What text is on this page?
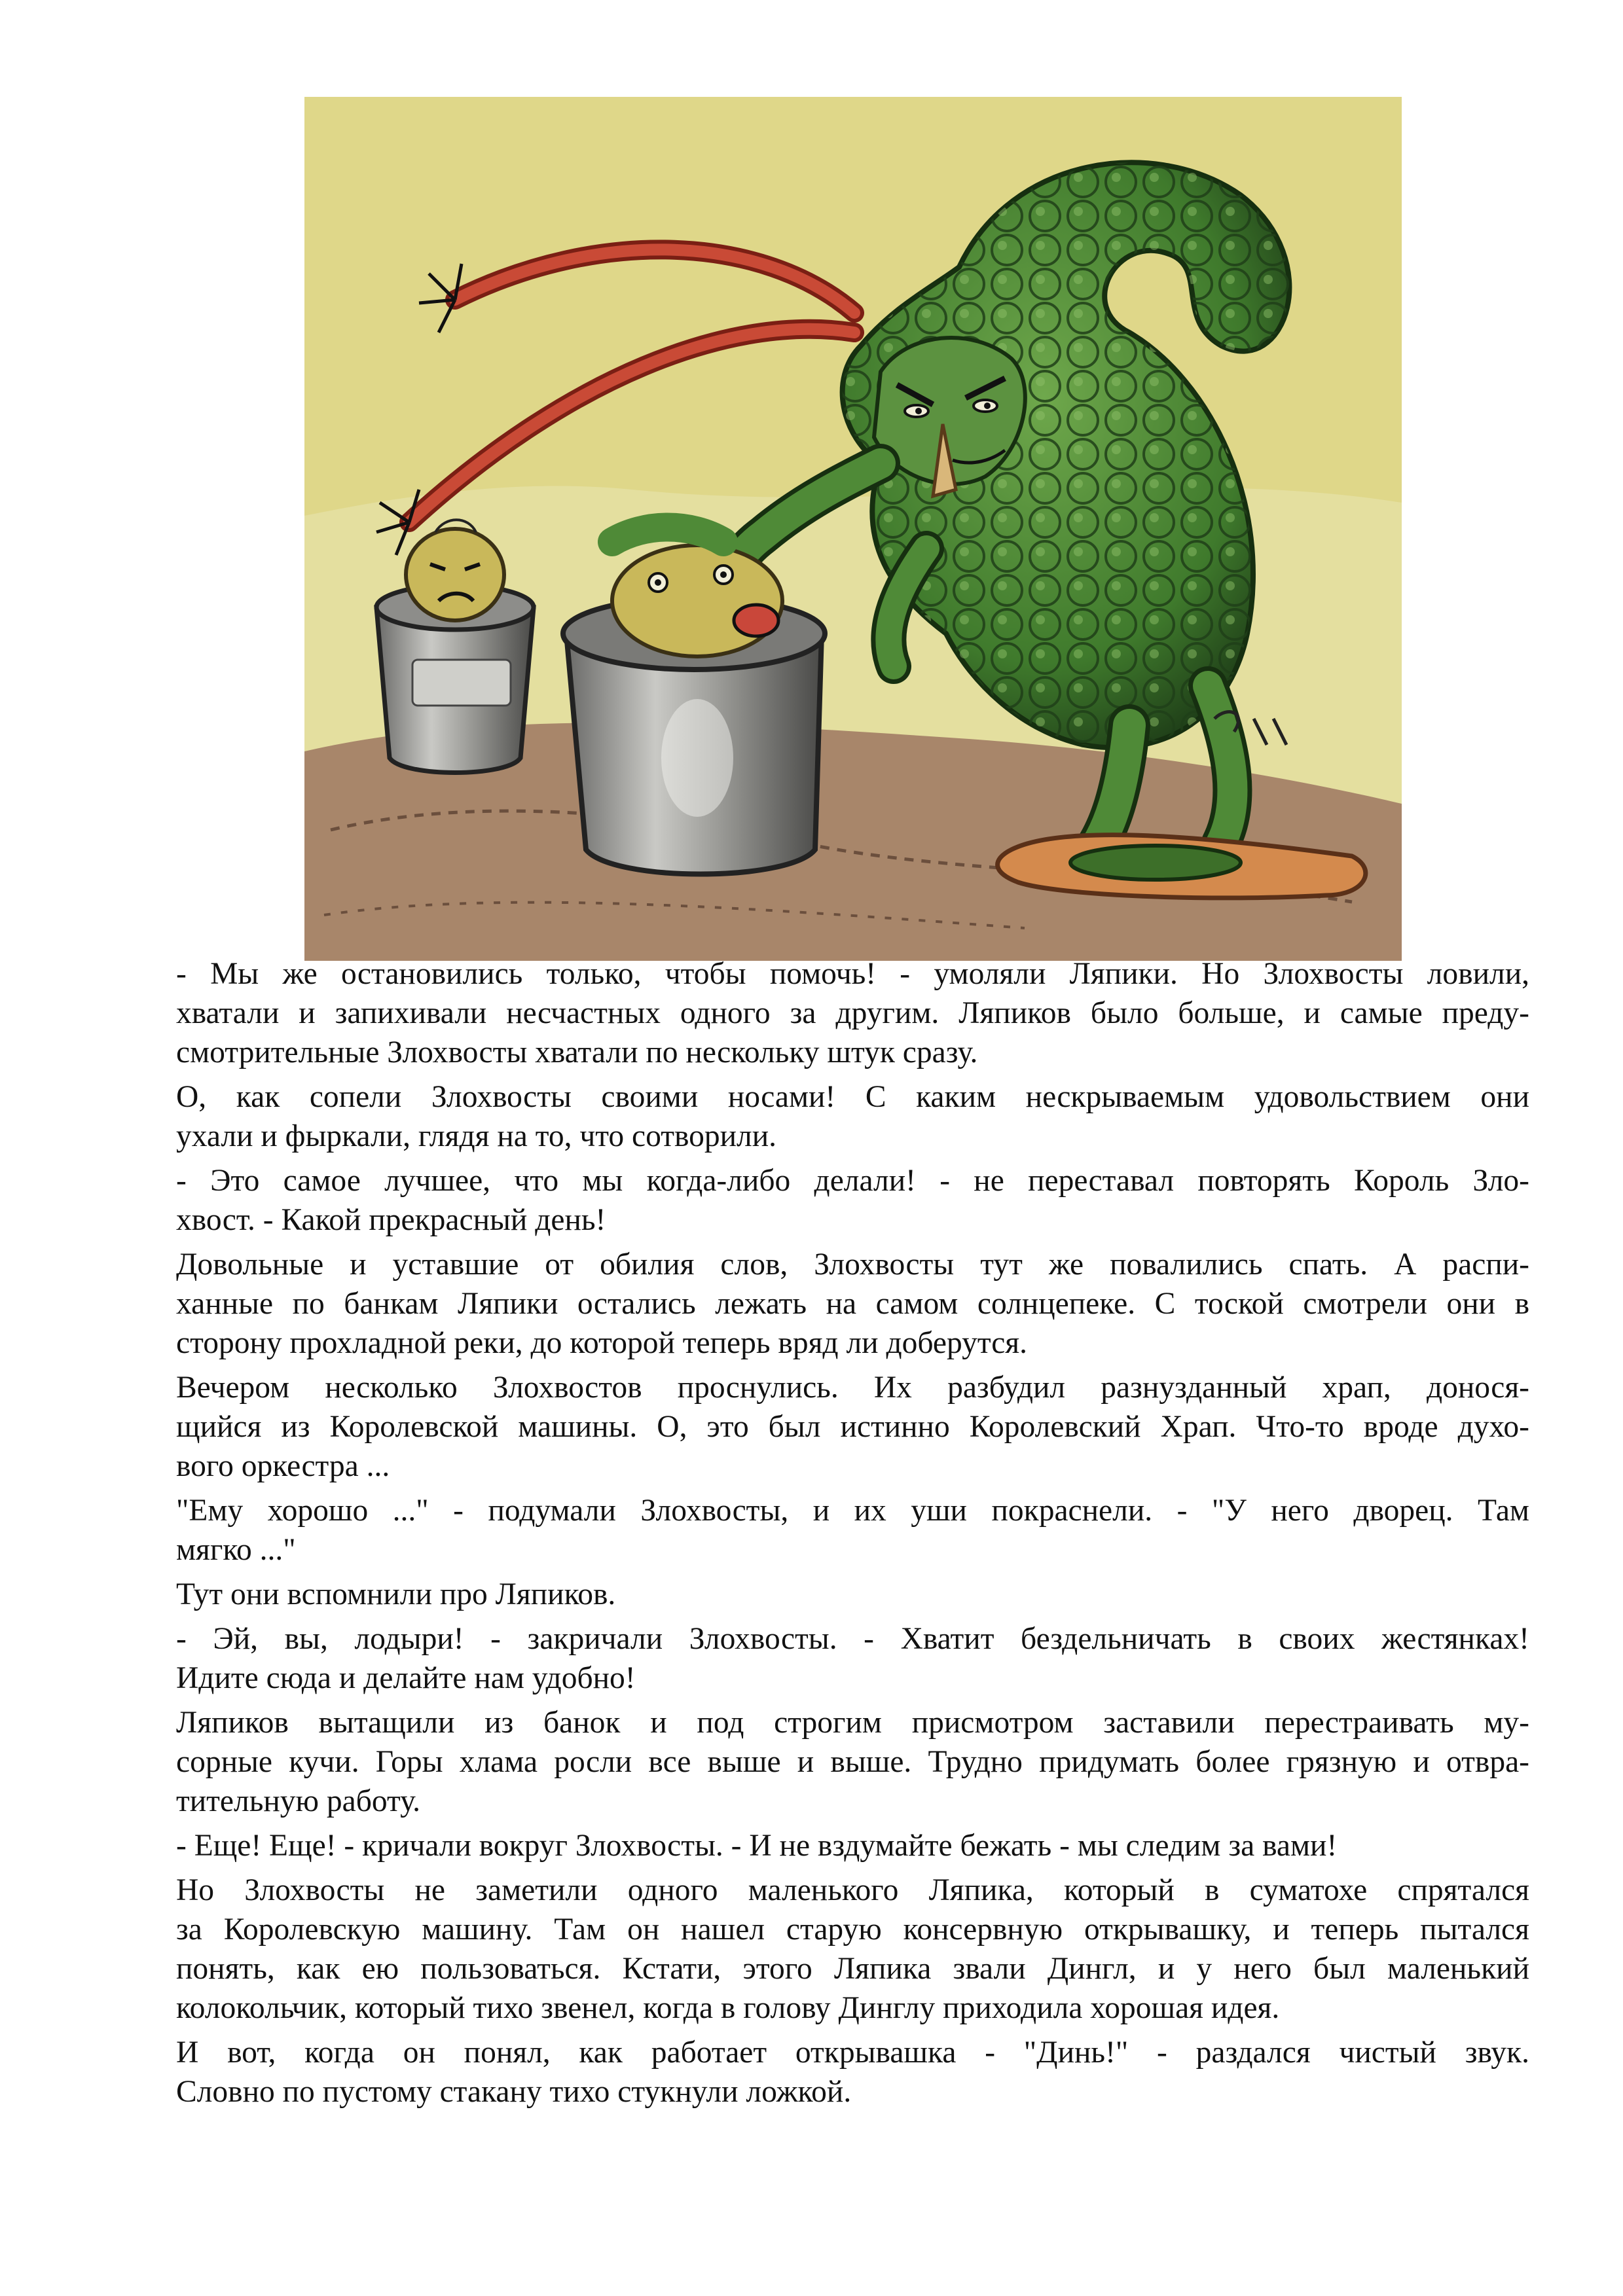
- Мы же остановились только, чтобы помочь! - умоляли Ляпики. Но Злохвосты ловили,
хватали и запихивали несчастных одного за другим. Ляпиков было больше, и самые преду-
смотрительные Злохвосты хватали по нескольку штук сразу.

О, как сопели Злохвосты своими носами! С каким нескрываемым удовольствием они
ухали и фыркали, глядя на то, что сотворили.

- Это самое лучшее, что мы когда-либо делали! - не переставал повторять Король Зло-
хвост. - Какой прекрасный день!

Довольные и уставшие от обилия слов, Злохвосты тут же повалились спать. А распи-
ханные по банкам Ляпики остались лежать на самом солнцепеке. С тоской смотрели они в
сторону прохладной реки, до которой теперь вряд ли доберутся.

Вечером несколько Злохвостов проснулись. Их разбудил разнузданный храп, донося-
щийся из Королевской машины. О, это был истинно Королевский Храп. Что-то вроде духо-
вого оркестра ...

"Ему хорошо ..." - подумали Злохвосты, и их уши покраснели. - "У него дворец. Там
мягко ..."

Тут они вспомнили про Ляпиков.

- Эй, вы, лодыри! - закричали Злохвосты. - Хватит бездельничать в своих жестянках!
Идите сюда и делайте нам удобно!

Ляпиков вытащили из банок и под строгим присмотром заставили перестраивать му-
сорные кучи. Горы хлама росли все выше и выше. Трудно придумать более грязную и отвра-
тительную работу.

- Еще! Еще! - кричали вокруг Злохвосты. - И не вздумайте бежать - мы следим за вами!

Но Злохвосты не заметили одного маленького Ляпика, который в суматохе спрятался
за Королевскую машину. Там он нашел старую консервную открывашку, и теперь пытался
понять, как ею пользоваться. Кстати, этого Ляпика звали Дингл, и у него был маленький
колокольчик, который тихо звенел, когда в голову Динглу приходила хорошая идея.

И вот, когда он понял, как работает открывашка - "Динь!" - раздался чистый звук.
Словно по пустому стакану тихо стукнули ложкой.
